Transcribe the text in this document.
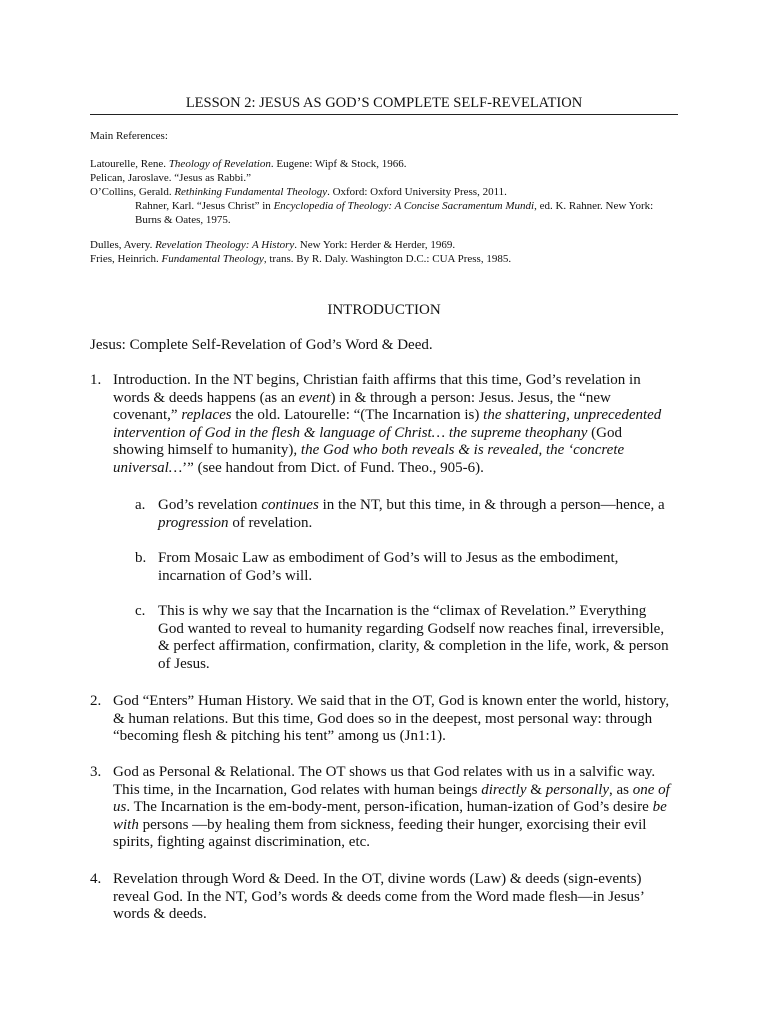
LESSON 2: JESUS AS GOD’S COMPLETE SELF-REVELATION
Main References:
Latourelle, Rene. Theology of Revelation. Eugene: Wipf & Stock, 1966.
Pelican, Jaroslave. “Jesus as Rabbi.”
O’Collins, Gerald. Rethinking Fundamental Theology. Oxford: Oxford University Press, 2011.
Rahner, Karl. “Jesus Christ” in Encyclopedia of Theology: A Concise Sacramentum Mundi, ed. K. Rahner. New York:
Burns & Oates, 1975.
Dulles, Avery. Revelation Theology: A History. New York: Herder & Herder, 1969.
Fries, Heinrich. Fundamental Theology, trans. By R. Daly. Washington D.C.: CUA Press, 1985.
INTRODUCTION
Jesus: Complete Self-Revelation of God’s Word & Deed.
1. Introduction. In the NT begins, Christian faith affirms that this time, God’s revelation in
words & deeds happens (as an event) in & through a person: Jesus. Jesus, the “new
covenant,” replaces the old. Latourelle: “(The Incarnation is) the shattering, unprecedented
intervention of God in the flesh & language of Christ… the supreme theophany (God
showing himself to humanity), the God who both reveals & is revealed, the ‘concrete
universal…’” (see handout from Dict. of Fund. Theo., 905-6).
a. God’s revelation continues in the NT, but this time, in & through a person—hence, a
progression of revelation.
b. From Mosaic Law as embodiment of God’s will to Jesus as the embodiment,
incarnation of God’s will.
c. This is why we say that the Incarnation is the “climax of Revelation.” Everything
God wanted to reveal to humanity regarding Godself now reaches final, irreversible,
& perfect affirmation, confirmation, clarity, & completion in the life, work, & person
of Jesus.
2. God “Enters” Human History. We said that in the OT, God is known enter the world, history,
& human relations. But this time, God does so in the deepest, most personal way: through
“becoming flesh & pitching his tent” among us (Jn1:1).
3. God as Personal & Relational. The OT shows us that God relates with us in a salvific way.
This time, in the Incarnation, God relates with human beings directly & personally, as one of
us. The Incarnation is the em-body-ment, person-ification, human-ization of God’s desire be
with persons —by healing them from sickness, feeding their hunger, exorcising their evil
spirits, fighting against discrimination, etc.
4. Revelation through Word & Deed. In the OT, divine words (Law) & deeds (sign-events)
reveal God. In the NT, God’s words & deeds come from the Word made flesh—in Jesus’
words & deeds.
